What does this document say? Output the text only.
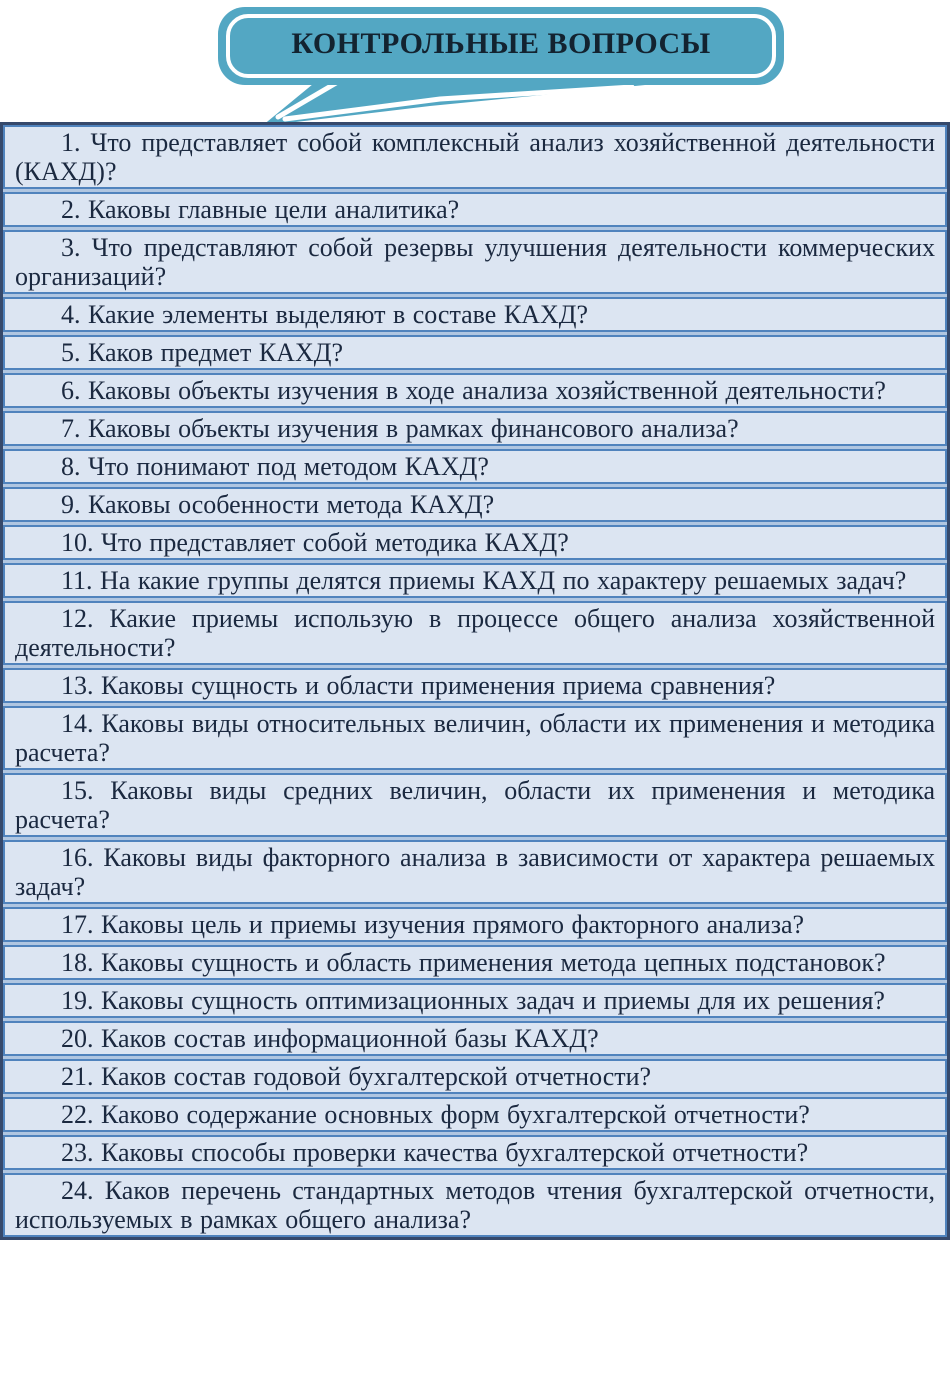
КОНТРОЛЬНЫЕ ВОПРОСЫ

1. Что представляет собой комплексный анализ хозяйственной деятельности (КАХД)?

2. Каковы главные цели аналитика?

3. Что представляют собой резервы улучшения деятельности коммерческих организаций?

4. Какие элементы выделяют в составе КАХД?

5. Каков предмет КАХД?

6. Каковы объекты изучения в ходе анализа хозяйственной деятельности?

7. Каковы объекты изучения в рамках финансового анализа?

8. Что понимают под методом КАХД?

9. Каковы особенности метода КАХД?

10. Что представляет собой методика КАХД?

11. На какие группы делятся приемы КАХД по характеру решаемых задач?

12. Какие приемы использую в процессе общего анализа хозяйственной деятельности?

13. Каковы сущность и области применения приема сравнения?

14. Каковы виды относительных величин, области их применения и методика расчета?

15. Каковы виды средних величин, области их применения и методика расчета?

16. Каковы виды факторного анализа в зависимости от характера решаемых задач?

17. Каковы цель и приемы изучения прямого факторного анализа?

18. Каковы сущность и область применения метода цепных подстановок?

19. Каковы сущность оптимизационных задач и приемы для их решения?

20. Каков состав информационной базы КАХД?

21. Каков состав годовой бухгалтерской отчетности?

22. Каково содержание основных форм бухгалтерской отчетности?

23. Каковы способы проверки качества бухгалтерской отчетности?

24. Каков перечень стандартных методов чтения бухгалтерской отчетности, используемых в рамках общего анализа?
